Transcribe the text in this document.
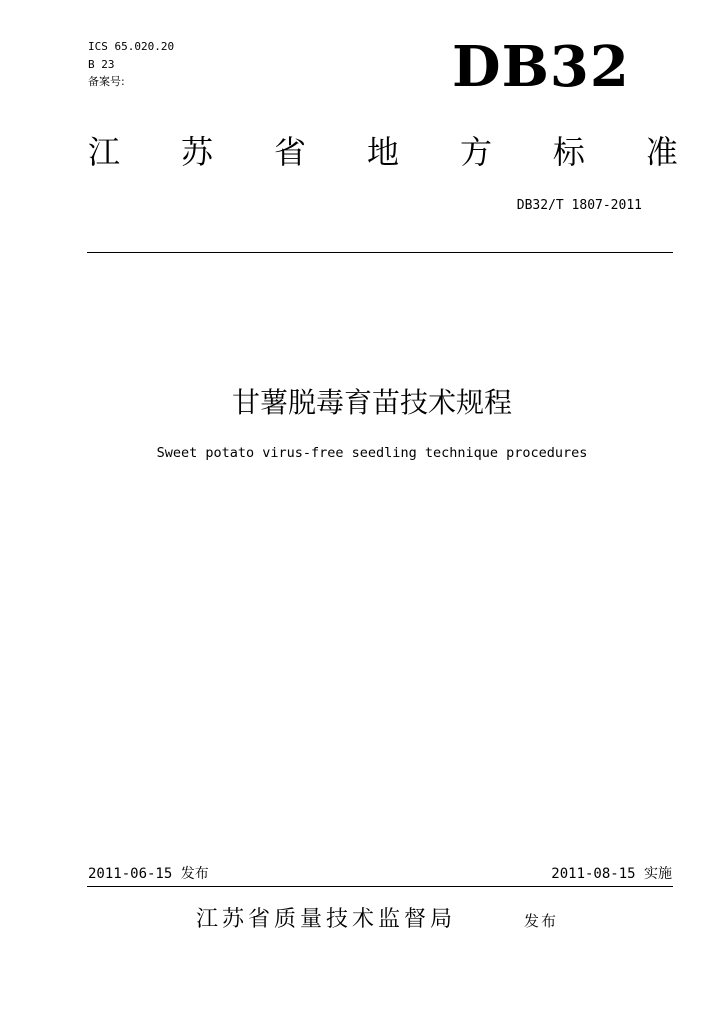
ICS 65.020.20
B 23
备案号:	DB32
江 苏 省 地 方 标 准
DB32/T 1807-2011
甘薯脱毒育苗技术规程
Sweet potato virus-free seedling technique procedures
2011-06-15 发布	2011-08-15 实施
江苏省质量技术监督局	发布
